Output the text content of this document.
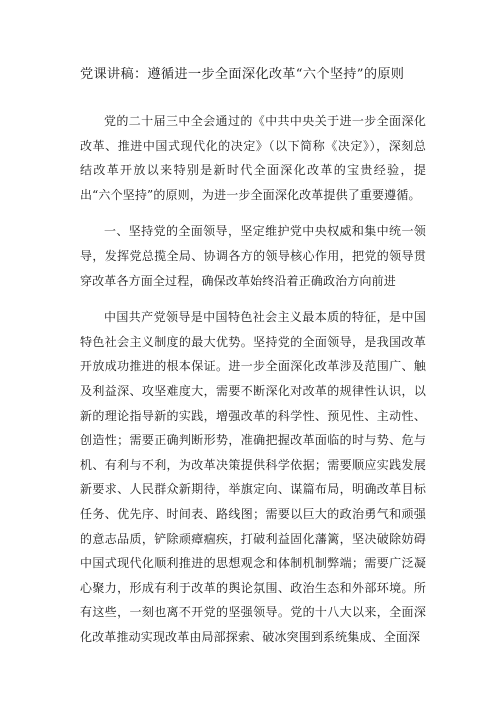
党课讲稿：遵循进一步全面深化改革“六个坚持”的原则

党的二十届三中全会通过的《中共中央关于进一步全面深化改革、推进中国式现代化的决定》（以下简称《决定》），深刻总结改革开放以来特别是新时代全面深化改革的宝贵经验，提出“六个坚持”的原则，为进一步全面深化改革提供了重要遵循。

一、坚持党的全面领导，坚定维护党中央权威和集中统一领导，发挥党总揽全局、协调各方的领导核心作用，把党的领导贯穿改革各方面全过程，确保改革始终沿着正确政治方向前进

中国共产党领导是中国特色社会主义最本质的特征，是中国特色社会主义制度的最大优势。坚持党的全面领导，是我国改革开放成功推进的根本保证。进一步全面深化改革涉及范围广、触及利益深、攻坚难度大，需要不断深化对改革的规律性认识，以新的理论指导新的实践，增强改革的科学性、预见性、主动性、创造性；需要正确判断形势，准确把握改革面临的时与势、危与机、有利与不利，为改革决策提供科学依据；需要顺应实践发展新要求、人民群众新期待，举旗定向、谋篇布局，明确改革目标任务、优先序、时间表、路线图；需要以巨大的政治勇气和顽强的意志品质，铲除顽瘴痼疾，打破利益固化藩篱，坚决破除妨碍中国式现代化顺利推进的思想观念和体制机制弊端；需要广泛凝心聚力，形成有利于改革的舆论氛围、政治生态和外部环境。所有这些，一刻也离不开党的坚强领导。党的十八大以来，全面深化改革推动实现改革由局部探索、破冰突围到系统集成、全面深
